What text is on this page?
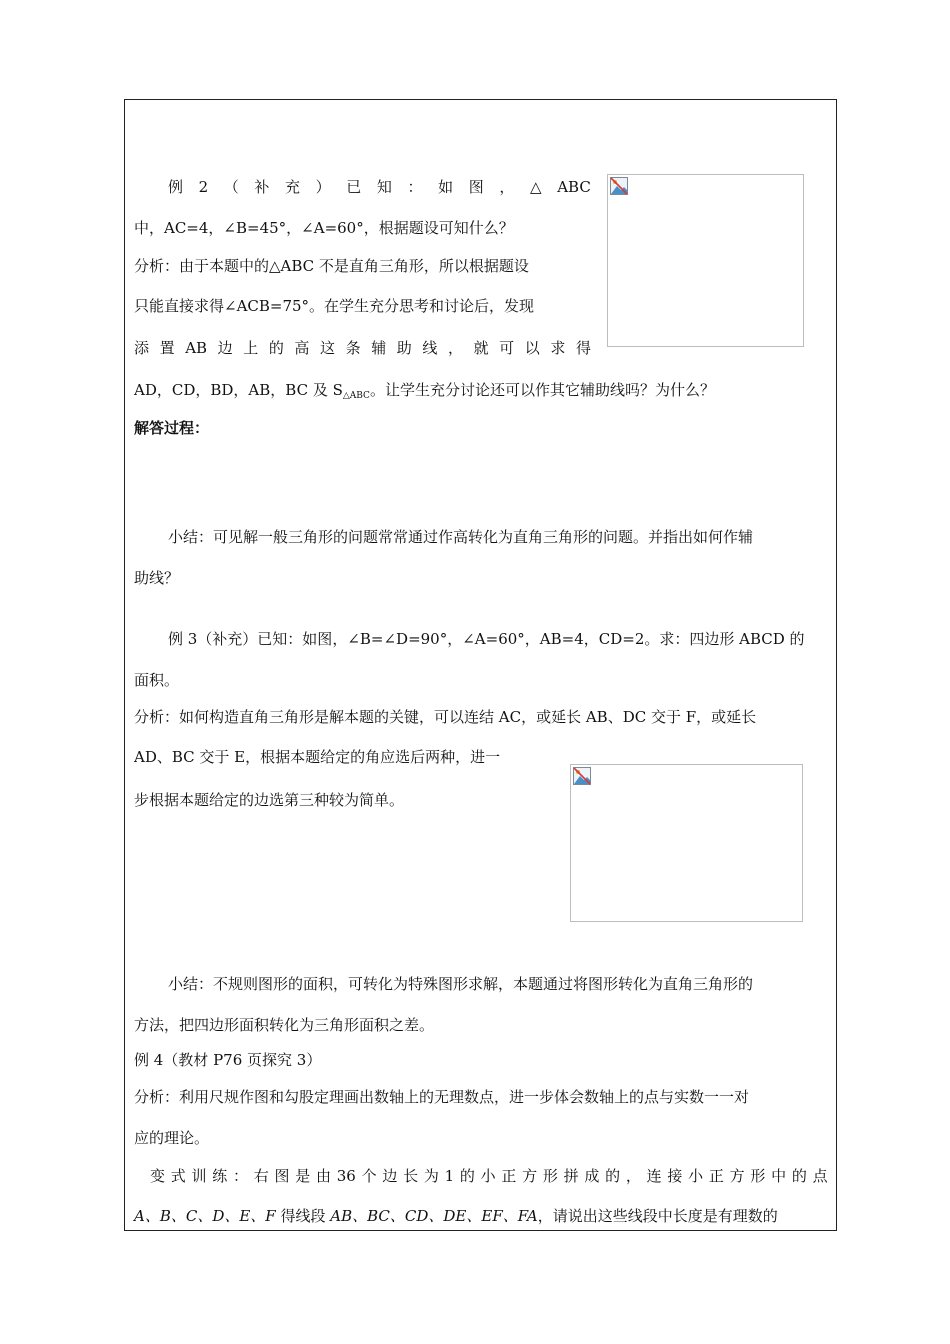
例 2 （ 补 充 ） 已 知 ： 如 图 ， △ ABC
中，AC=4，∠B=45°，∠A=60°，根据题设可知什么？
分析：由于本题中的△ABC 不是直角三角形，所以根据题设
只能直接求得∠ACB=75°。在学生充分思考和讨论后，发现
添 置 AB 边 上 的 高 这 条 辅 助 线 ， 就 可 以 求 得
AD，CD，BD，AB，BC 及 $S_{\triangle ABC}$。让学生充分讨论还可以作其它辅助线吗？为什么？
解答过程：
小结：可见解一般三角形的问题常常通过作高转化为直角三角形的问题。并指出如何作辅
助线？
例 3（补充）已知：如图，∠B=∠D=90°，∠A=60°，AB=4，CD=2。求：四边形 ABCD 的
面积。
分析：如何构造直角三角形是解本题的关键，可以连结 AC，或延长 AB、DC 交于 F，或延长
AD、BC 交于 E，根据本题给定的角应选后两种，进一
步根据本题给定的边选第三种较为简单。
小结：不规则图形的面积，可转化为特殊图形求解，本题通过将图形转化为直角三角形的
方法，把四边形面积转化为三角形面积之差。
例 4（教材 P76 页探究 3）
分析：利用尺规作图和勾股定理画出数轴上的无理数点，进一步体会数轴上的点与实数一一对
应的理论。
变 式 训 练 ： 右 图 是 由 36 个 边 长 为 1 的 小 正 方 形 拼 成 的 ， 连 接 小 正 方 形 中 的 点
A、B、C、D、E、F 得线段 AB、BC、CD、DE、EF、FA，请说出这些线段中长度是有理数的
